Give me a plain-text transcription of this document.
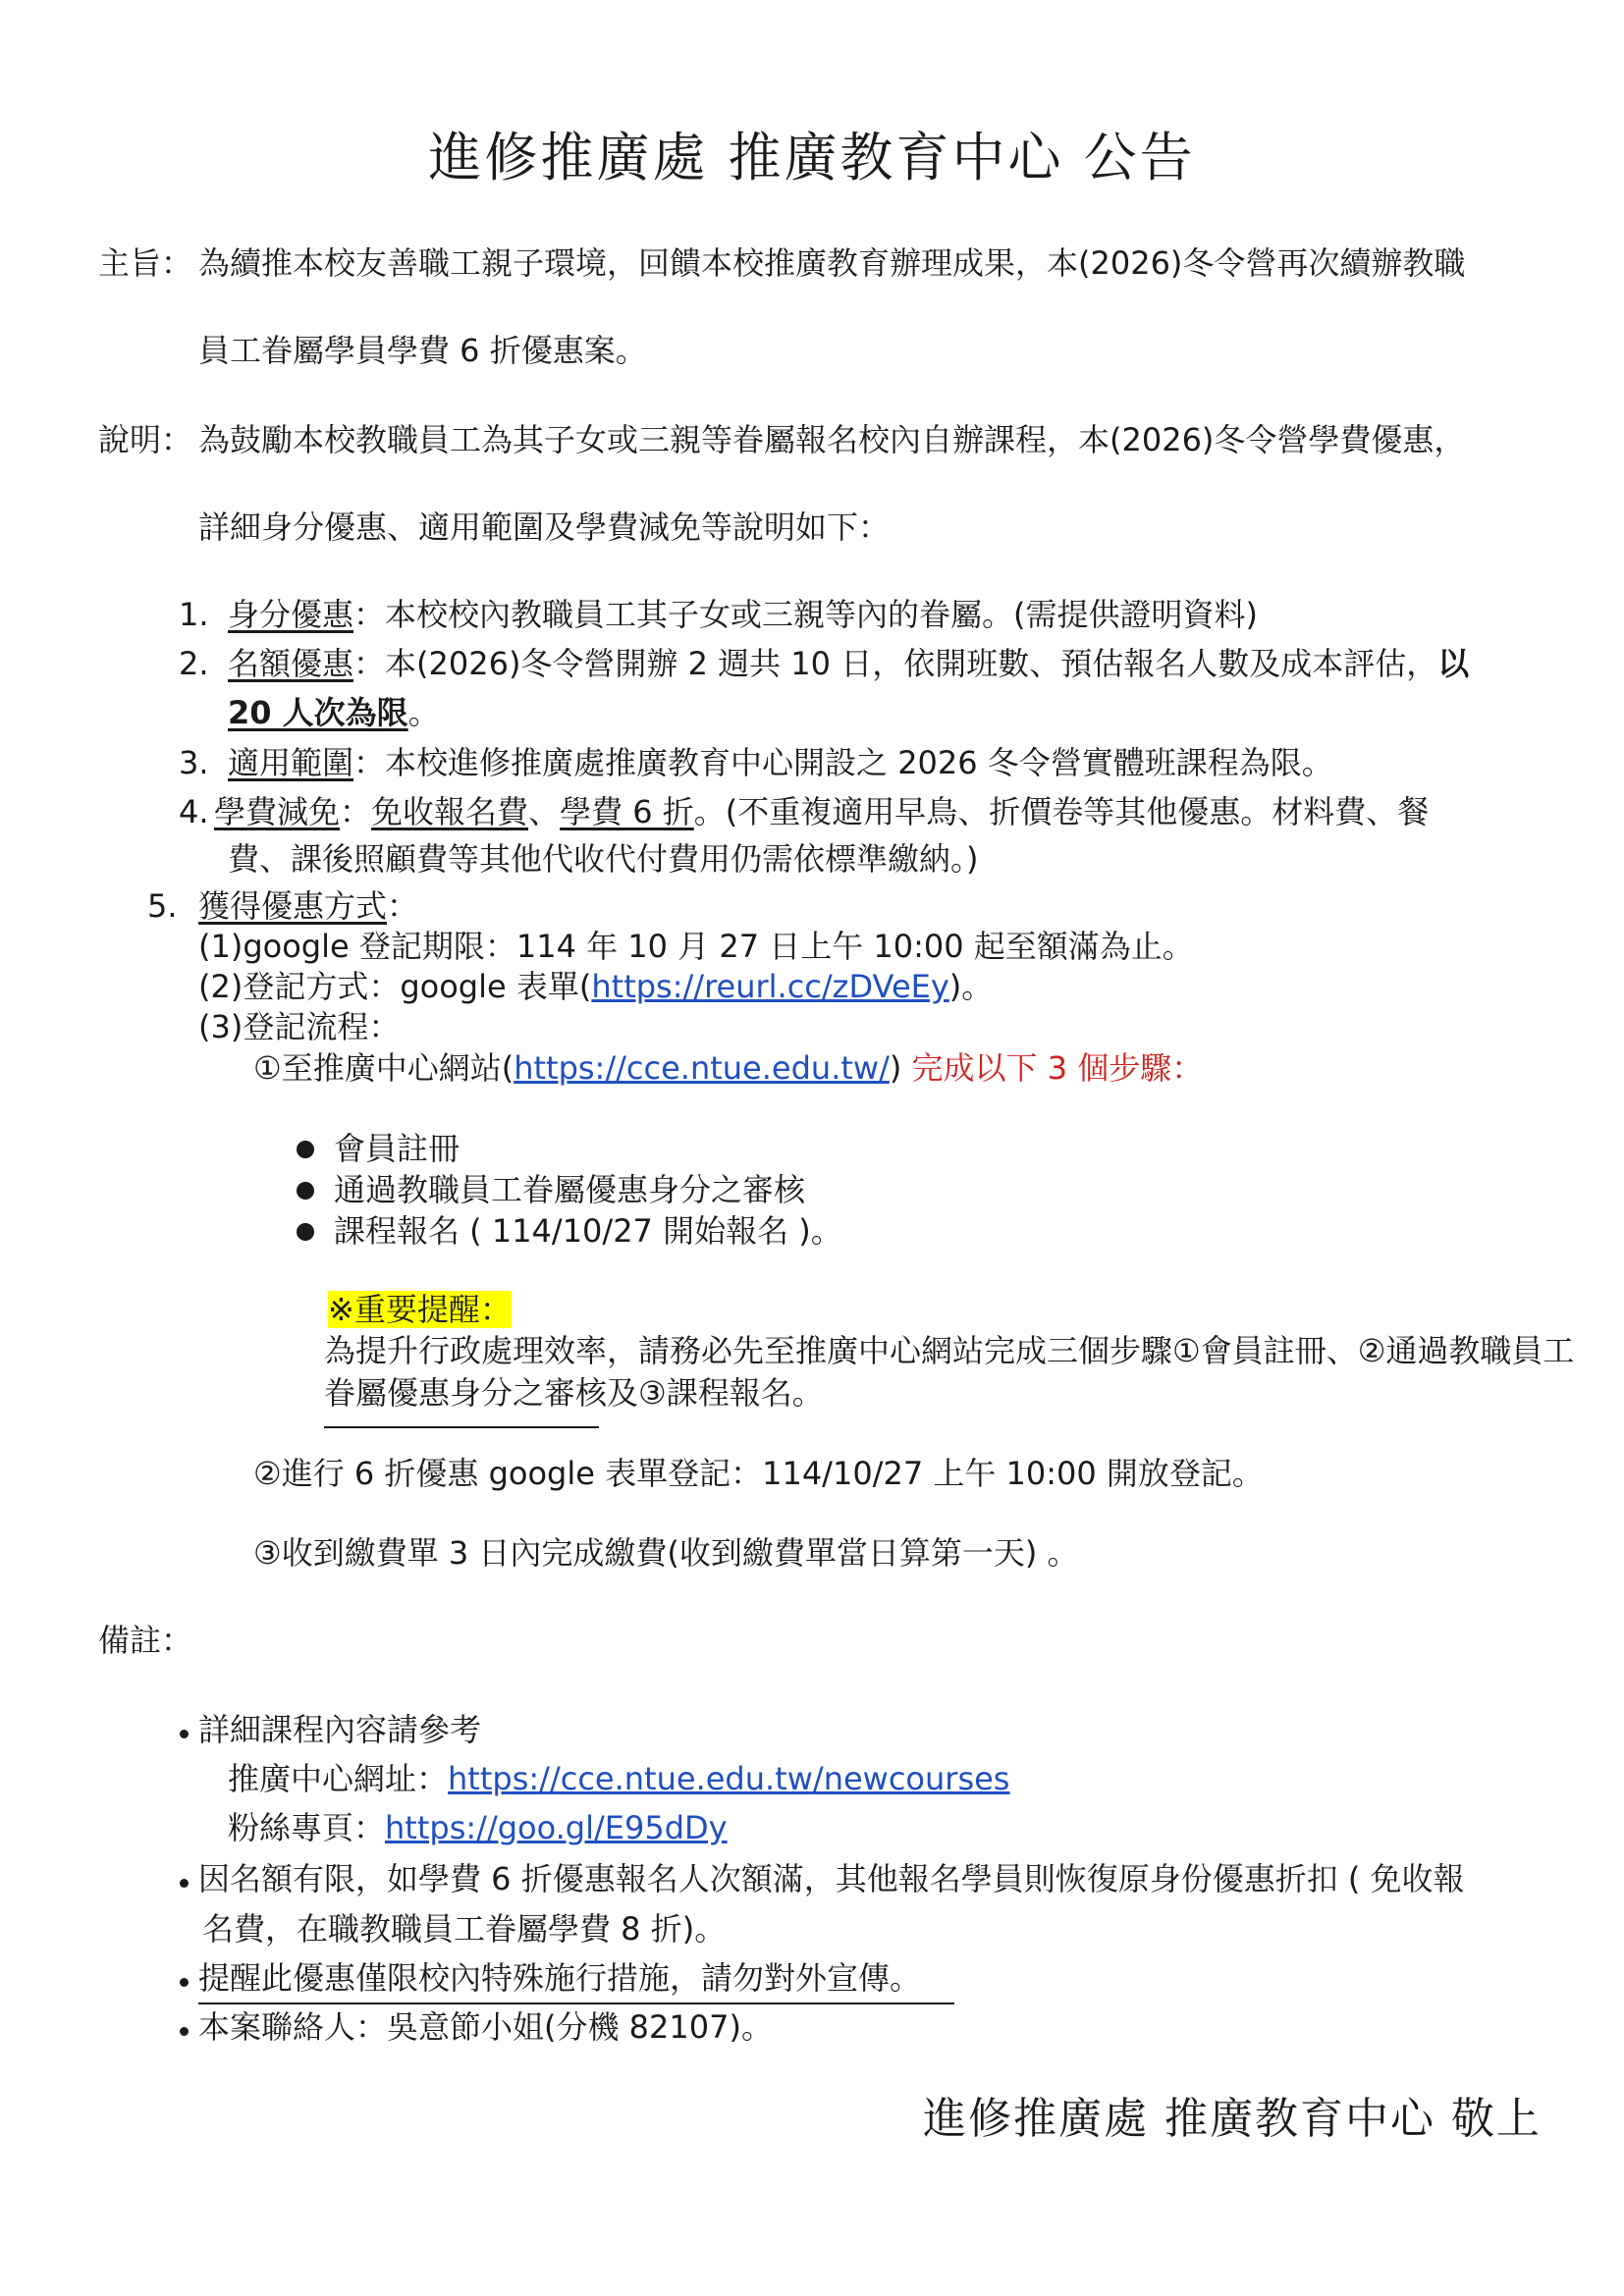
進修推廣處 推廣教育中心 公告
主旨： 為續推本校友善職工親子環境，回饋本校推廣教育辦理成果，本(2026)冬令營再次續辦教職
員工眷屬學員學費 6 折優惠案。
說明： 為鼓勵本校教職員工為其子女或三親等眷屬報名校內自辦課程，本(2026)冬令營學費優惠，
詳細身分優惠、適用範圍及學費減免等說明如下：
1. 身分優惠：本校校內教職員工其子女或三親等內的眷屬。(需提供證明資料)
2. 名額優惠：本(2026)冬令營開辦 2 週共 10 日，依開班數、預估報名人數及成本評估，以
20 人次為限。
3. 適用範圍：本校進修推廣處推廣教育中心開設之 2026 冬令營實體班課程為限。
4. 學費減免：免收報名費、學費 6 折。(不重複適用早鳥、折價卷等其他優惠。材料費、餐
費、課後照顧費等其他代收代付費用仍需依標準繳納。)
5. 獲得優惠方式：
(1)google 登記期限：114 年 10 月 27 日上午 10:00 起至額滿為止。
(2)登記方式：google 表單(https://reurl.cc/zDVeEy)。
(3)登記流程：
①至推廣中心網站(https://cce.ntue.edu.tw/) 完成以下 3 個步驟：
會員註冊
通過教職員工眷屬優惠身分之審核
課程報名 ( 114/10/27 開始報名 )。
※重要提醒：
為提升行政處理效率，請務必先至推廣中心網站完成三個步驟①會員註冊、②通過教職員工
眷屬優惠身分之審核及③課程報名。
②進行 6 折優惠 google 表單登記：114/10/27 上午 10:00 開放登記。
③收到繳費單 3 日內完成繳費(收到繳費單當日算第一天) 。
備註：
詳細課程內容請參考
推廣中心網址：https://cce.ntue.edu.tw/newcourses
粉絲專頁：https://goo.gl/E95dDy
因名額有限，如學費 6 折優惠報名人次額滿，其他報名學員則恢復原身份優惠折扣 ( 免收報
名費，在職教職員工眷屬學費 8 折)。
提醒此優惠僅限校內特殊施行措施，請勿對外宣傳。
本案聯絡人：吳意節小姐(分機 82107)。
進修推廣處 推廣教育中心 敬上
